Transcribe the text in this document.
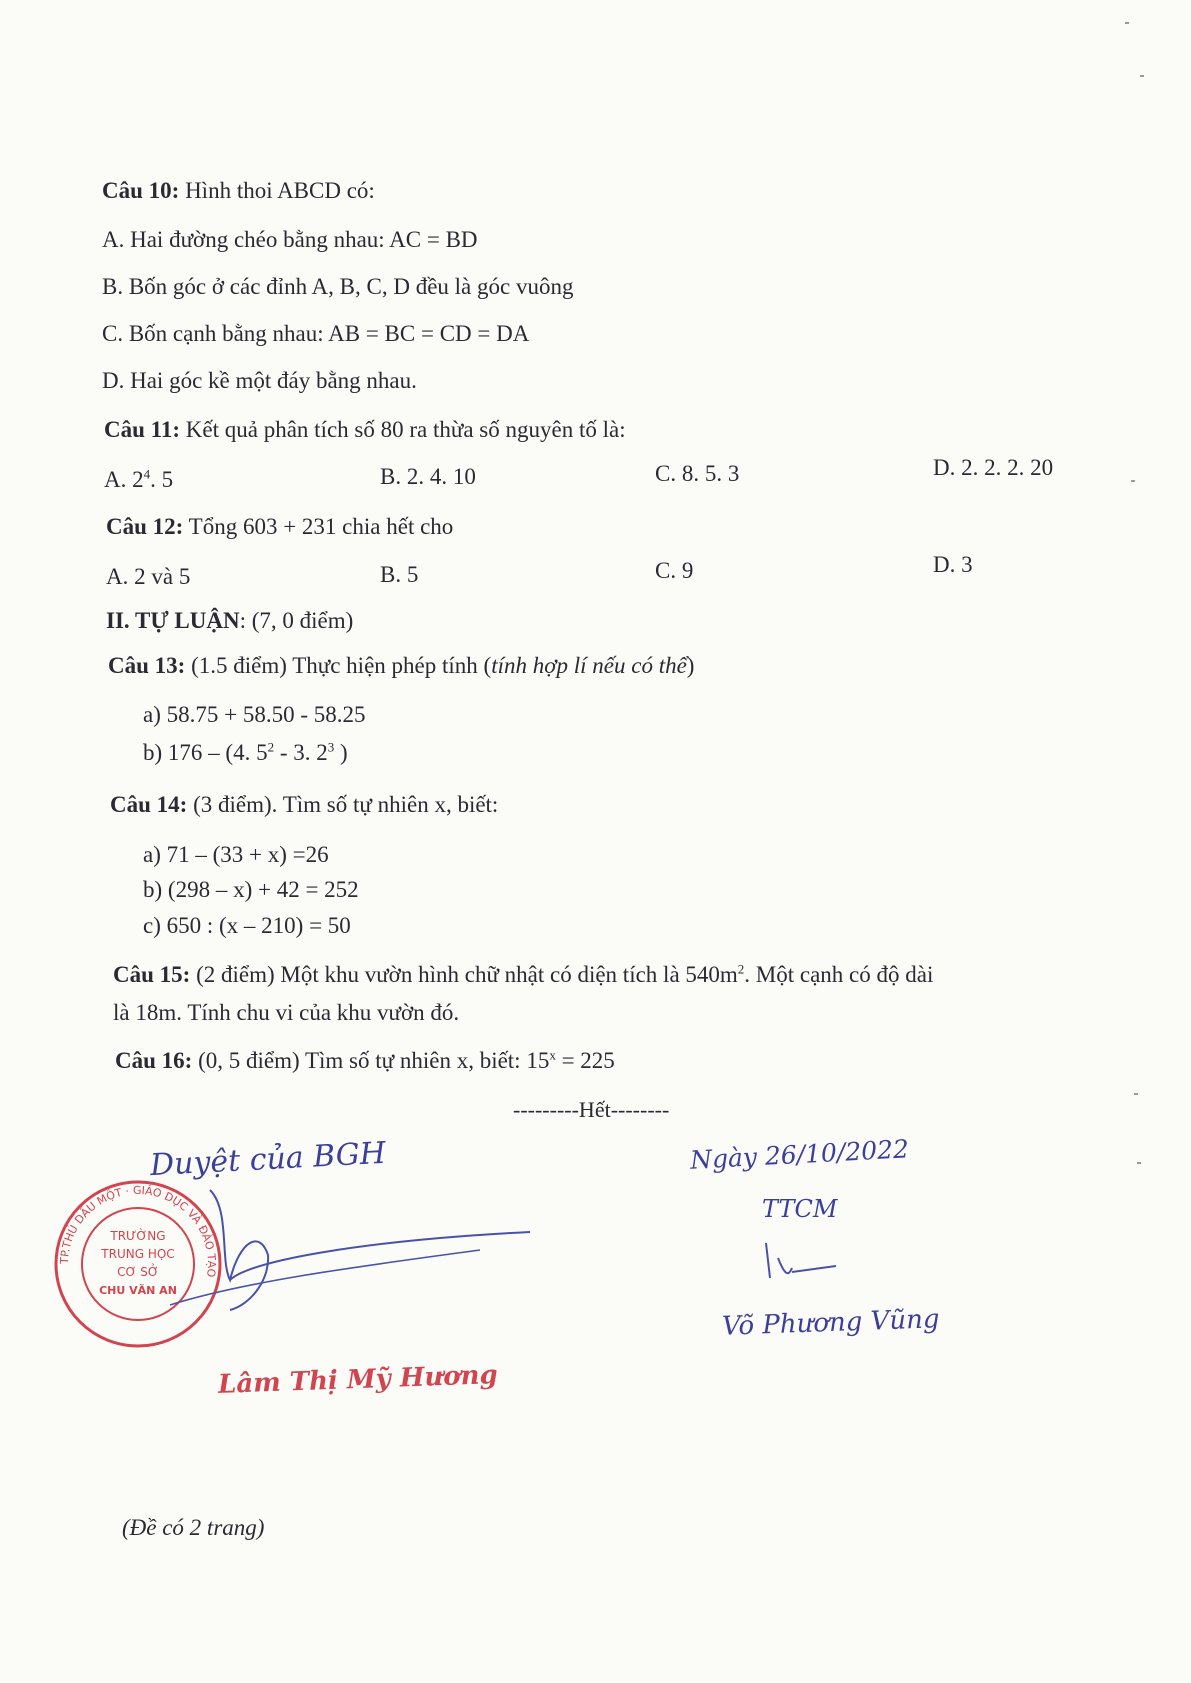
Câu 10: Hình thoi ABCD có:
A. Hai đường chéo bằng nhau: AC = BD
B. Bốn góc ở các đỉnh A, B, C, D đều là góc vuông
C. Bốn cạnh bằng nhau: AB = BC = CD = DA
D. Hai góc kề một đáy bằng nhau.
Câu 11: Kết quả phân tích số 80 ra thừa số nguyên tố là:
A. $2^4$. 5	B. 2. 4. 10	C. 8. 5. 3	D. 2. 2. 2. 20
Câu 12: Tổng 603 + 231 chia hết cho
A. 2 và 5	B. 5	C. 9	D. 3
II. TỰ LUẬN: (7, 0 điểm)
Câu 13: (1.5 điểm) Thực hiện phép tính (tính hợp lí nếu có thể)
a) 58.75 + 58.50 - 58.25
b) 176 – (4. $5^2 - 3$. $2^3$ )
Câu 14: (3 điểm). Tìm số tự nhiên x, biết:
a) 71 – (33 + x) =26
b) (298 – x) + 42 = 252
c) 650 : (x – 210) = 50
Câu 15: (2 điểm) Một khu vườn hình chữ nhật có diện tích là $540m^2$. Một cạnh có độ dài
là 18m. Tính chu vi của khu vườn đó.
Câu 16: (0, 5 điểm) Tìm số tự nhiên x, biết: $15^x = 225$
---------Hết--------
Duyệt của BGH
TP.THỦ DẦU MỘT · GIÁO DỤC VÀ ĐÀO TẠO
TRƯỜNG
TRUNG HỌC
CƠ SỞ
CHU VĂN AN
Lâm Thị Mỹ Hương
Ngày 26/10/2022
TTCM
Võ Phương Vũng
(Đề có 2 trang)
